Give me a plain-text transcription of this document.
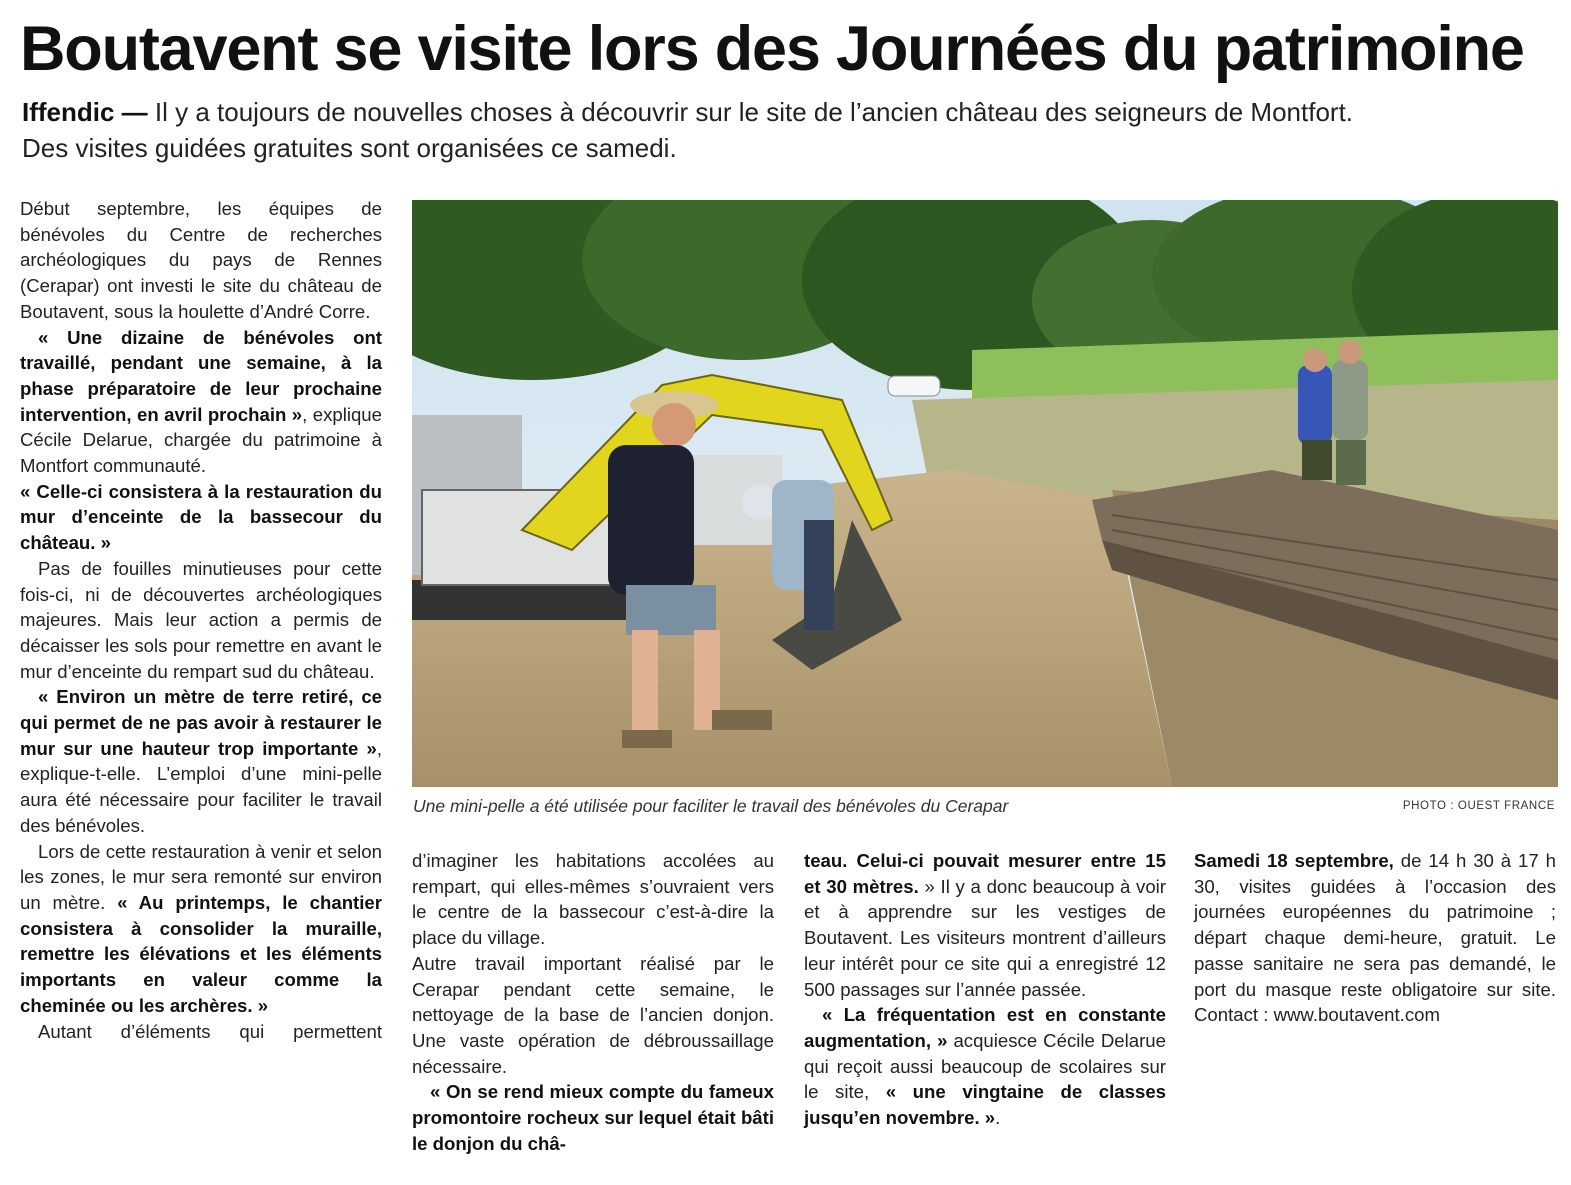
Boutavent se visite lors des Journées du patrimoine

Iffendic — Il y a toujours de nouvelles choses à découvrir sur le site de l’ancien château des seigneurs de Montfort. Des visites guidées gratuites sont organisées ce samedi.

Début septembre, les équipes de bénévoles du Centre de recherches archéologiques du pays de Rennes (Cerapar) ont investi le site du château de Boutavent, sous la houlette d’André Corre.

« Une dizaine de bénévoles ont travaillé, pendant une semaine, à la phase préparatoire de leur prochaine intervention, en avril prochain », explique Cécile Delarue, chargée du patrimoine à Montfort communauté.

« Celle-ci consistera à la restauration du mur d’enceinte de la bassecour du château. »

Pas de fouilles minutieuses pour cette fois-ci, ni de découvertes archéologiques majeures. Mais leur action a permis de décaisser les sols pour remettre en avant le mur d’enceinte du rempart sud du château.

« Environ un mètre de terre retiré, ce qui permet de ne pas avoir à restaurer le mur sur une hauteur trop importante », explique-t-elle. L’emploi d’une mini-pelle aura été nécessaire pour faciliter le travail des bénévoles.

Lors de cette restauration à venir et selon les zones, le mur sera remonté sur environ un mètre. « Au printemps, le chantier consistera à consolider la muraille, remettre les élévations et les éléments importants en valeur comme la cheminée ou les archères. »

Autant d’éléments qui permettent

Une mini-pelle a été utilisée pour faciliter le travail des bénévoles du Cerapar	PHOTO : OUEST FRANCE

d’imaginer les habitations accolées au rempart, qui elles-mêmes s’ouvraient vers le centre de la bassecour c’est-à-dire la place du village.

Autre travail important réalisé par le Cerapar pendant cette semaine, le nettoyage de la base de l’ancien donjon. Une vaste opération de débroussaillage nécessaire.

« On se rend mieux compte du fameux promontoire rocheux sur lequel était bâti le donjon du châ-

teau. Celui-ci pouvait mesurer entre 15 et 30 mètres. » Il y a donc beaucoup à voir et à apprendre sur les vestiges de Boutavent. Les visiteurs montrent d’ailleurs leur intérêt pour ce site qui a enregistré 12 500 passages sur l’année passée.

« La fréquentation est en constante augmentation, » acquiesce Cécile Delarue qui reçoit aussi beaucoup de scolaires sur le site, « une vingtaine de classes jusqu’en novembre. ».

Samedi 18 septembre, de 14 h 30 à 17 h 30, visites guidées à l’occasion des journées européennes du patrimoine ; départ chaque demi-heure, gratuit. Le passe sanitaire ne sera pas demandé, le port du masque reste obligatoire sur site. Contact : www.boutavent.com
